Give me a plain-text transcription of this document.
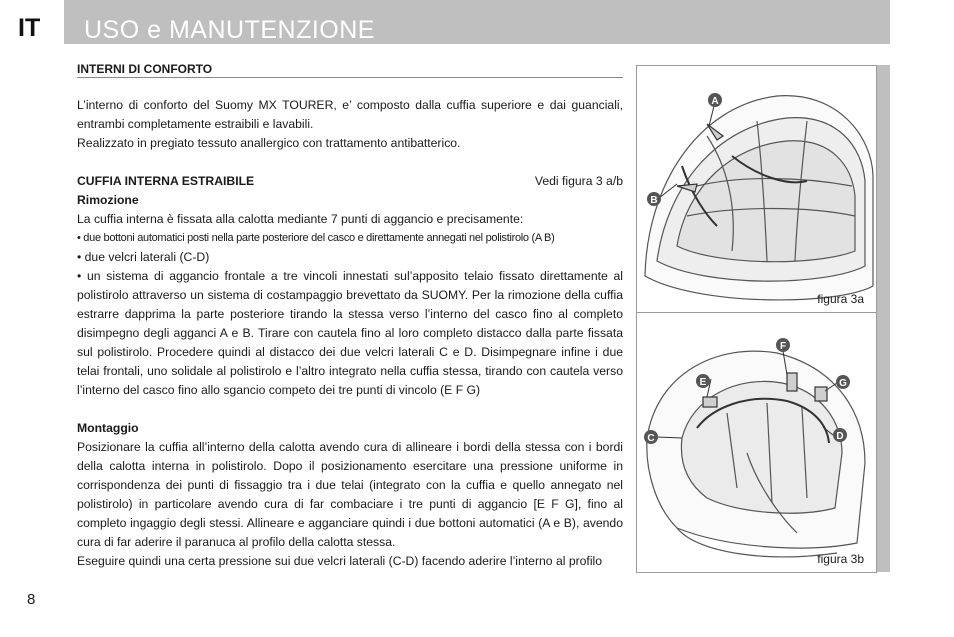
IT USO e MANUTENZIONE
INTERNI DI CONFORTO

L’interno di conforto del Suomy MX TOURER, e’ composto dalla cuffia superiore e dai guanciali, entrambi completamente estraibili e lavabili.

Realizzato in pregiato tessuto anallergico con trattamento antibatterico.

CUFFIA INTERNA ESTRAIBILE	Vedi figura 3 a/b
Rimozione

La cuffia interna è fissata alla calotta mediante 7 punti di aggancio e precisamente:

• due bottoni automatici posti nella parte posteriore del casco e direttamente annegati nel polistirolo (A B)

• due velcri laterali (C-D)

• un sistema di aggancio frontale a tre vincoli innestati sul’apposito telaio fissato direttamente al polistirolo attraverso un sistema di costampaggio brevettato da SUOMY. Per la rimozione della cuffia estrarre dapprima la parte posteriore tirando la stessa verso l’interno del casco fino al completo disimpegno degli agganci A e B. Tirare con cautela fino al loro completo distacco dalla parte fissata sul polistirolo. Procedere quindi al distacco dei due velcri laterali C e D. Disimpegnare infine i due telai frontali, uno solidale al polistirolo e l’altro integrato nella cuffia stessa, tirando con cautela verso l’interno del casco fino allo sgancio competo dei tre punti di vincolo (E F G)

Montaggio

Posizionare la cuffia all’interno della calotta avendo cura di allineare i bordi della stessa con i bordi della calotta interna in polistirolo. Dopo il posizionamento esercitare una pressione uniforme in corrispondenza dei punti di fissaggio tra i due telai (integrato con la cuffia e quello annegato nel polistirolo) in particolare avendo cura di far combaciare i tre punti di aggancio [E F G], fino al completo ingaggio degli stessi. Allineare e agganciare quindi i due bottoni automatici (A e B), avendo cura di far aderire il paranuca al profilo della calotta stessa.

Eseguire quindi una certa pressione sui due velcri laterali (C-D) facendo aderire l’interno al profilo

8
A
B
figura 3a
F
E	G
D
C
figura 3b
